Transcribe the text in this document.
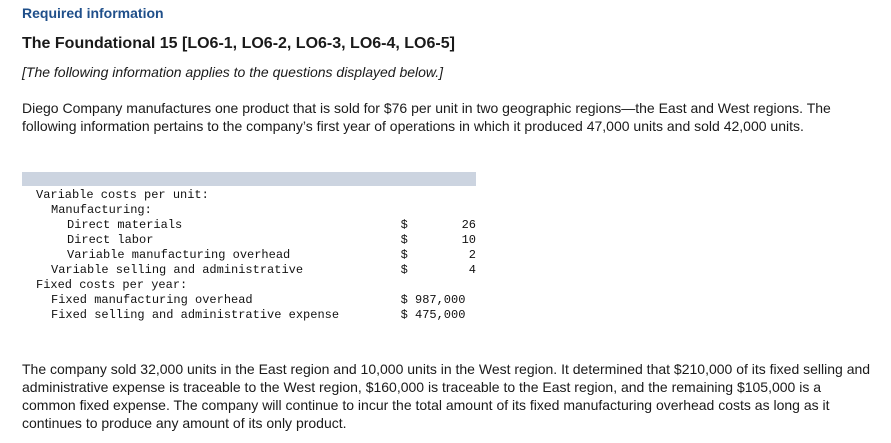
Required information
The Foundational 15 [LO6-1, LO6-2, LO6-3, LO6-4, LO6-5]
[The following information applies to the questions displayed below.]
Diego Company manufactures one product that is sold for $76 per unit in two geographic regions—the East and West regions. The following information pertains to the company’s first year of operations in which it produced 47,000 units and sold 42,000 units.
Variable costs per unit:		
Manufacturing:		
Direct materials	$	26
Direct labor	$	10
Variable manufacturing overhead	$	2
Variable selling and administrative	$	4
Fixed costs per year:		
Fixed manufacturing overhead	$ 987,000	
Fixed selling and administrative expense	$ 475,000	
The company sold 32,000 units in the East region and 10,000 units in the West region. It determined that $210,000 of its fixed selling and administrative expense is traceable to the West region, $160,000 is traceable to the East region, and the remaining $105,000 is a common fixed expense. The company will continue to incur the total amount of its fixed manufacturing overhead costs as long as it continues to produce any amount of its only product.
